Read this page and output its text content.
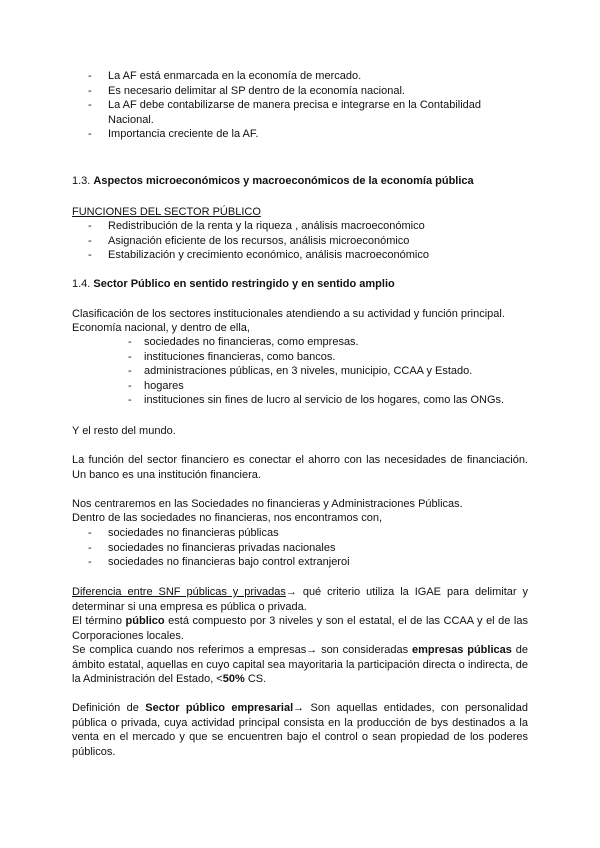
- La AF está enmarcada en la economía de mercado.
- Es necesario delimitar al SP dentro de la economía nacional.
- La AF debe contabilizarse de manera precisa e integrarse en la Contabilidad Nacional.
- Importancia creciente de la AF.

1.3. Aspectos microeconómicos y macroeconómicos de la economía pública

FUNCIONES DEL SECTOR PÚBLICO

- Redistribución de la renta y la riqueza , análisis macroeconómico
- Asignación eficiente de los recursos, análisis microeconómico
- Estabilización y crecimiento económico, análisis macroeconómico

1.4. Sector Público en sentido restringido y en sentido amplio

Clasificación de los sectores institucionales atendiendo a su actividad y función principal.

Economía nacional, y dentro de ella,

- sociedades no financieras, como empresas.
- instituciones financieras, como bancos.
- administraciones públicas, en 3 niveles, municipio, CCAA y Estado.
- hogares
- instituciones sin fines de lucro al servicio de los hogares, como las ONGs.

Y el resto del mundo.

La función del sector financiero es conectar el ahorro con las necesidades de financiación. Un banco es una institución financiera.

Nos centraremos en las Sociedades no financieras y Administraciones Públicas.

Dentro de las sociedades no financieras, nos encontramos con,

- sociedades no financieras públicas
- sociedades no financieras privadas nacionales
- sociedades no financieras bajo control extranjeroi

Diferencia entre SNF públicas y privadas→ qué criterio utiliza la IGAE para delimitar y determinar si una empresa es pública o privada.

El término público está compuesto por 3 niveles y son el estatal, el de las CCAA y el de las Corporaciones locales.

Se complica cuando nos referimos a empresas→ son consideradas empresas públicas de ámbito estatal, aquellas en cuyo capital sea mayoritaria la participación directa o indirecta, de la Administración del Estado, <50% CS.

Definición de Sector público empresarial→ Son aquellas entidades, con personalidad pública o privada, cuya actividad principal consista en la producción de bys destinados a la venta en el mercado y que se encuentren bajo el control o sean propiedad de los poderes públicos.
